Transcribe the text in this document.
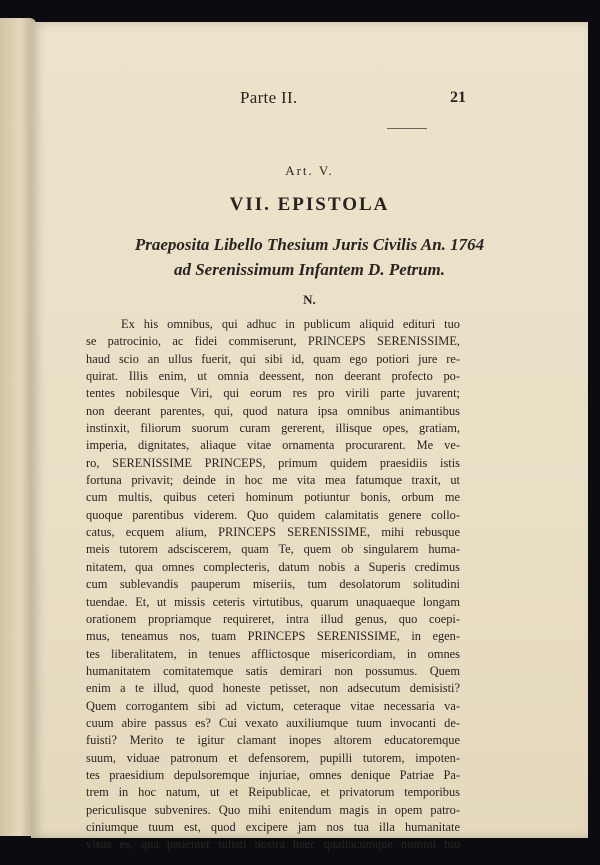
Parte II.	21
Art. V.
VII. EPISTOLA
Praeposita Libello Thesium Juris Civilis An. 1764
ad Serenissimum Infantem D. Petrum.
N.
Ex his omnibus, qui adhuc in publicum aliquid edituri tuo
se patrocinio, ac fidei commiserunt, PRINCEPS SERENISSIME,
haud scio an ullus fuerit, qui sibi id, quam ego potiori jure re-
quirat. Illis enim, ut omnia deessent, non deerant profecto po-
tentes nobilesque Viri, qui eorum res pro virili parte juvarent;
non deerant parentes, qui, quod natura ipsa omnibus animantibus
instinxit, filiorum suorum curam gererent, illisque opes, gratiam,
imperia, dignitates, aliaque vitae ornamenta procurarent. Me ve-
ro, SERENISSIME PRINCEPS, primum quidem praesidiis istis
fortuna privavit; deinde in hoc me vita mea fatumque traxit, ut
cum multis, quibus ceteri hominum potiuntur bonis, orbum me
quoque parentibus viderem. Quo quidem calamitatis genere collo-
catus, ecquem alium, PRINCEPS SERENISSIME, mihi rebusque
meis tutorem adsciscerem, quam Te, quem ob singularem huma-
nitatem, qua omnes complecteris, datum nobis a Superis credimus
cum sublevandis pauperum miseriis, tum desolatorum solitudini
tuendae. Et, ut missis ceteris virtutibus, quarum unaquaeque longam
orationem propriamque requireret, intra illud genus, quo coepi-
mus, teneamus nos, tuam PRINCEPS SERENISSIME, in egen-
tes liberalitatem, in tenues afflictosque misericordiam, in omnes
humanitatem comitatemque satis demirari non possumus. Quem
enim a te illud, quod honeste petisset, non adsecutum demisisti?
Quem corrogantem sibi ad victum, ceteraque vitae necessaria va-
cuum abire passus es? Cui vexato auxiliumque tuum invocanti de-
fuisti? Merito te igitur clamant inopes altorem educatoremque
suum, viduae patronum et defensorem, pupilli tutorem, impoten-
tes praesidium depulsoremque injuriae, omnes denique Patriae Pa-
trem in hoc natum, ut et Reipublicae, et privatorum temporibus
periculisque subvenires. Quo mihi enitendum magis in opem patro-
ciniumque tuum est, quod excipere jam nos tua illa humanitate
visus es, qua patienter tulisti nostra haec qualiacumque nomini tuo
